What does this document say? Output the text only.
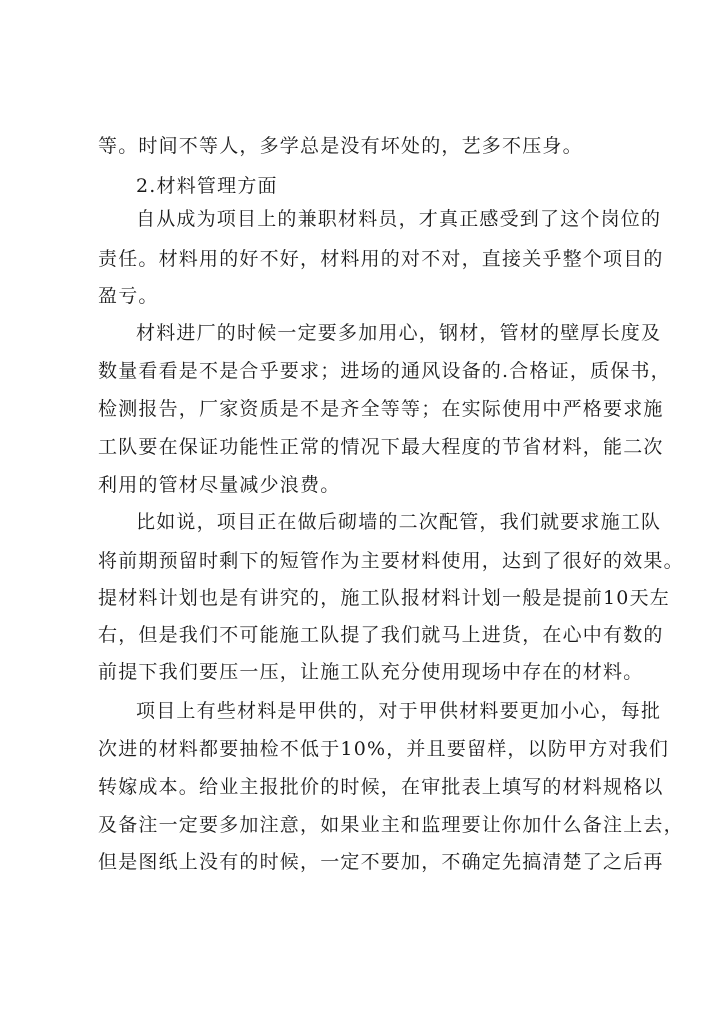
等。时间不等人，多学总是没有坏处的，艺多不压身。
2.材料管理方面
自从成为项目上的兼职材料员，才真正感受到了这个岗位的
责任。材料用的好不好，材料用的对不对，直接关乎整个项目的
盈亏。
材料进厂的时候一定要多加用心，钢材，管材的壁厚长度及
数量看看是不是合乎要求；进场的通风设备的.合格证，质保书，
检测报告，厂家资质是不是齐全等等；在实际使用中严格要求施
工队要在保证功能性正常的情况下最大程度的节省材料，能二次
利用的管材尽量减少浪费。
比如说，项目正在做后砌墙的二次配管，我们就要求施工队
将前期预留时剩下的短管作为主要材料使用，达到了很好的效果。
提材料计划也是有讲究的，施工队报材料计划一般是提前10天左
右，但是我们不可能施工队提了我们就马上进货，在心中有数的
前提下我们要压一压，让施工队充分使用现场中存在的材料。
项目上有些材料是甲供的，对于甲供材料要更加小心，每批
次进的材料都要抽检不低于10%，并且要留样，以防甲方对我们
转嫁成本。给业主报批价的时候，在审批表上填写的材料规格以
及备注一定要多加注意，如果业主和监理要让你加什么备注上去，
但是图纸上没有的时候，一定不要加，不确定先搞清楚了之后再
